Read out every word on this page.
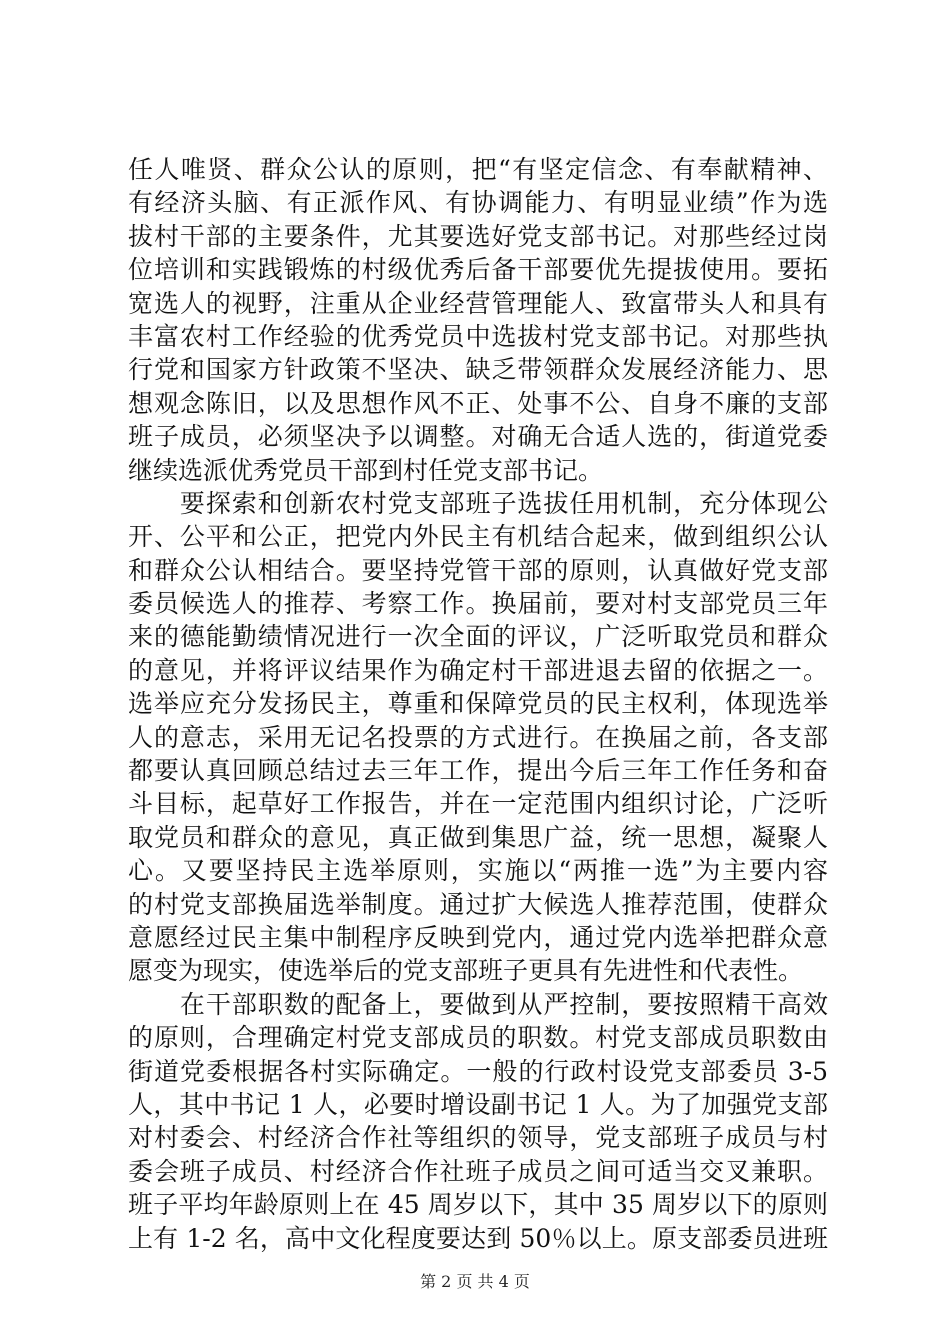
任人唯贤、群众公认的原则，把“有坚定信念、有奉献精神、
有经济头脑、有正派作风、有协调能力、有明显业绩”作为选
拔村干部的主要条件，尤其要选好党支部书记。对那些经过岗
位培训和实践锻炼的村级优秀后备干部要优先提拔使用。要拓
宽选人的视野，注重从企业经营管理能人、致富带头人和具有
丰富农村工作经验的优秀党员中选拔村党支部书记。对那些执
行党和国家方针政策不坚决、缺乏带领群众发展经济能力、思
想观念陈旧，以及思想作风不正、处事不公、自身不廉的支部
班子成员，必须坚决予以调整。对确无合适人选的，街道党委
继续选派优秀党员干部到村任党支部书记。
　　要探索和创新农村党支部班子选拔任用机制，充分体现公
开、公平和公正，把党内外民主有机结合起来，做到组织公认
和群众公认相结合。要坚持党管干部的原则，认真做好党支部
委员候选人的推荐、考察工作。换届前，要对村支部党员三年
来的德能勤绩情况进行一次全面的评议，广泛听取党员和群众
的意见，并将评议结果作为确定村干部进退去留的依据之一。
选举应充分发扬民主，尊重和保障党员的民主权利，体现选举
人的意志，采用无记名投票的方式进行。在换届之前，各支部
都要认真回顾总结过去三年工作，提出今后三年工作任务和奋
斗目标，起草好工作报告，并在一定范围内组织讨论，广泛听
取党员和群众的意见，真正做到集思广益，统一思想，凝聚人
心。又要坚持民主选举原则，实施以“两推一选”为主要内容
的村党支部换届选举制度。通过扩大候选人推荐范围，使群众
意愿经过民主集中制程序反映到党内，通过党内选举把群众意
愿变为现实，使选举后的党支部班子更具有先进性和代表性。
　　在干部职数的配备上，要做到从严控制，要按照精干高效
的原则，合理确定村党支部成员的职数。村党支部成员职数由
街道党委根据各村实际确定。一般的行政村设党支部委员 3-5
人，其中书记 1 人，必要时增设副书记 1 人。为了加强党支部
对村委会、村经济合作社等组织的领导，党支部班子成员与村
委会班子成员、村经济合作社班子成员之间可适当交叉兼职。
班子平均年龄原则上在 45 周岁以下，其中 35 周岁以下的原则
上有 1-2 名，高中文化程度要达到 50％以上。原支部委员进班
第 2 页 共 4 页
